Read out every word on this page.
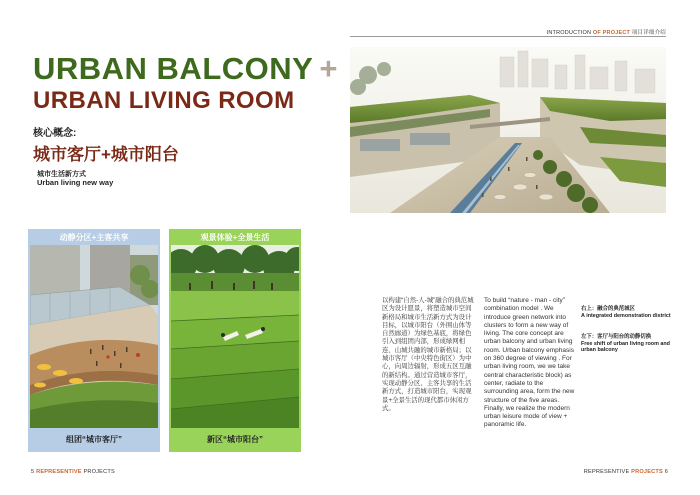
INTRODUCTION OF PROJECT 项目详细介绍
URBAN BALCONY +
URBAN LIVING ROOM
核心概念:
城市客厅+城市阳台
城市生活新方式
Urban living new way
动静分区+主客共享
组团“城市客厅”
观景体验+全景生活
新区“城市阳台”
以构建“自然-人-城”融合的典范城区为设计愿景，将塑造城市空间新格局和城市生活新方式为设计目标，以城市阳台（外围山体等自然廊道）为绿色基底，将绿色引入到组团内部，形成绿网相连、山城共融的城市新格局；以城市客厅（中央特色街区）为中心，向周边辐射，形成五区互融的新结构。通过营造城市客厅，实现动静分区、主客共享的生活新方式，打造城市阳台，实现观景+全景生活的现代都市休闲方式。
To build “nature - man - city” combination model . We introduce green network into clusters to form a new way of living. The core concept are urban balcony and urban living room. Urban balcony emphasis on 360 degree of viewing . For urban living room, we we take central characteristic block) as center, radiate to the surrounding area, form the new structure of the five areas. Finally, we realize the modern urban leisure mode of view + panoramic life.
右上：融合的典范城区
A integrated demonstration district
左下：客厅与阳台的动静切换
Free shift of urban living room and urban balcony
5 REPRESENTIVE PROJECTS	REPRESENTIVE PROJECTS 6
